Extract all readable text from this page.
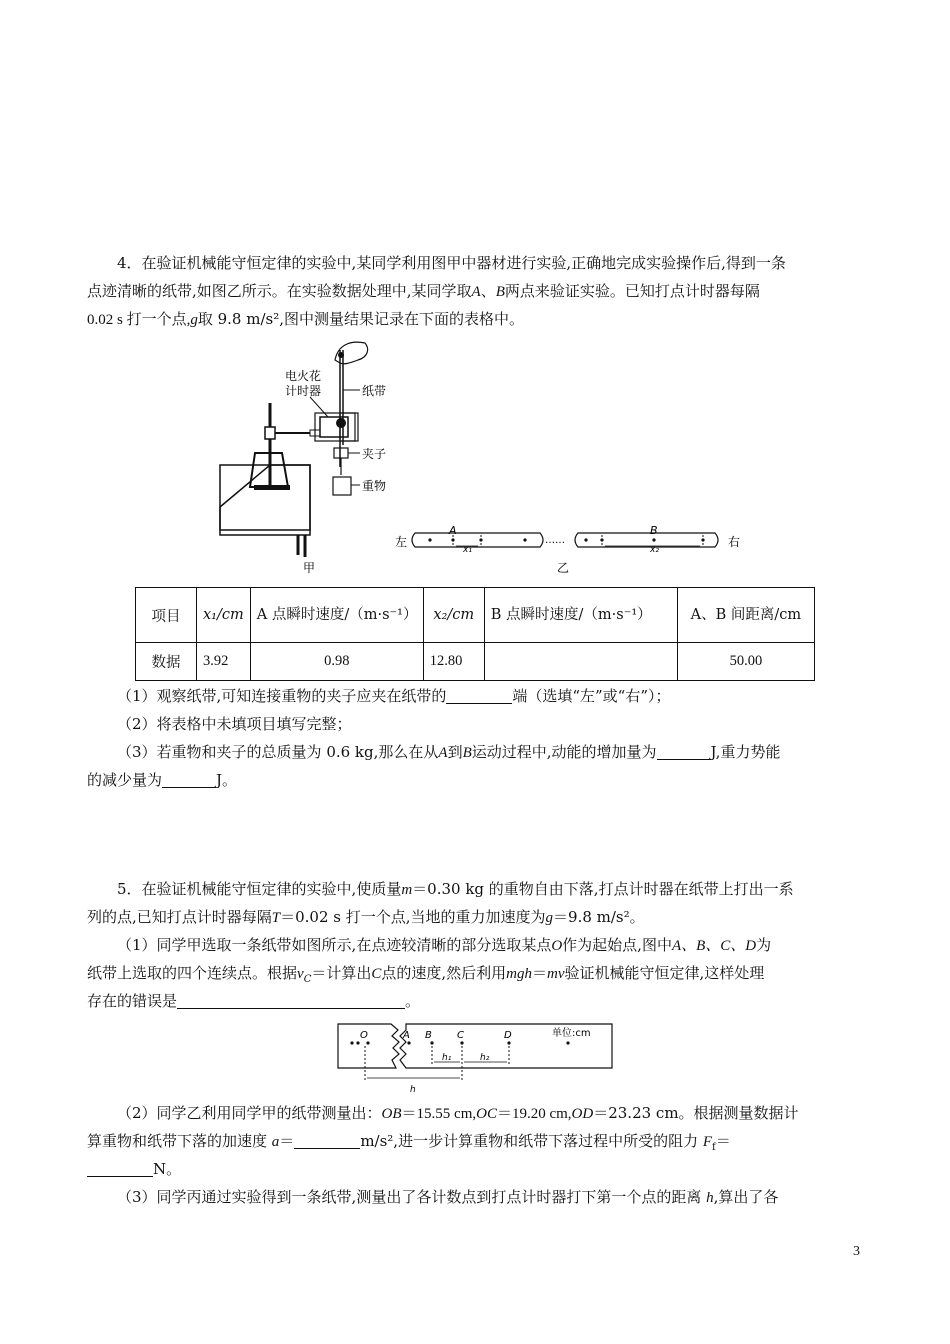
4．在验证机械能守恒定律的实验中,某同学利用图甲中器材进行实验,正确地完成实验操作后,得到一条
点迹清晰的纸带,如图乙所示。在实验数据处理中,某同学取A、B两点来验证实验。已知打点计时器每隔
0.02 s 打一个点,g取 9.8 m/s²,图中测量结果记录在下面的表格中。
纸带
电火花
计时器
夹子
重物
甲
左
A
x₁
……
B
x₂
右
乙
项目	x₁/cm	A 点瞬时速度/（m·s⁻¹）	x₂/cm	B 点瞬时速度/（m·s⁻¹）	A、B 间距离/cm
数据	3.92	0.98	12.80		50.00
（1）观察纸带,可知连接重物的夹子应夹在纸带的	端（选填“左”或“右”）；
（2）将表格中未填项目填写完整；
（3）若重物和夹子的总质量为 0.6 kg,那么在从A到B运动过程中,动能的增加量为	J,重力势能
的减少量为	J。
5．在验证机械能守恒定律的实验中,使质量m＝0.30 kg 的重物自由下落,打点计时器在纸带上打出一系
列的点,已知打点计时器每隔T＝0.02 s 打一个点,当地的重力加速度为g＝9.8 m/s²。
（1）同学甲选取一条纸带如图所示,在点迹较清晰的部分选取某点O作为起始点,图中A、B、C、D为
纸带上选取的四个连续点。根据$v_C=$计算出C点的速度,然后利用mgh＝mv验证机械能守恒定律,这样处理
存在的错误是	。
O	A B	C	D	单位:cm
h₁	h₂
h
（2）同学乙利用同学甲的纸带测量出：OB＝15.55 cm,OC＝19.20 cm,OD＝23.23 cm。根据测量数据计
算重物和纸带下落的加速度 a＝	m/s²,进一步计算重物和纸带下落过程中所受的阻力 $F_f=$
N。
（3）同学丙通过实验得到一条纸带,测量出了各计数点到打点计时器打下第一个点的距离 h,算出了各
3
